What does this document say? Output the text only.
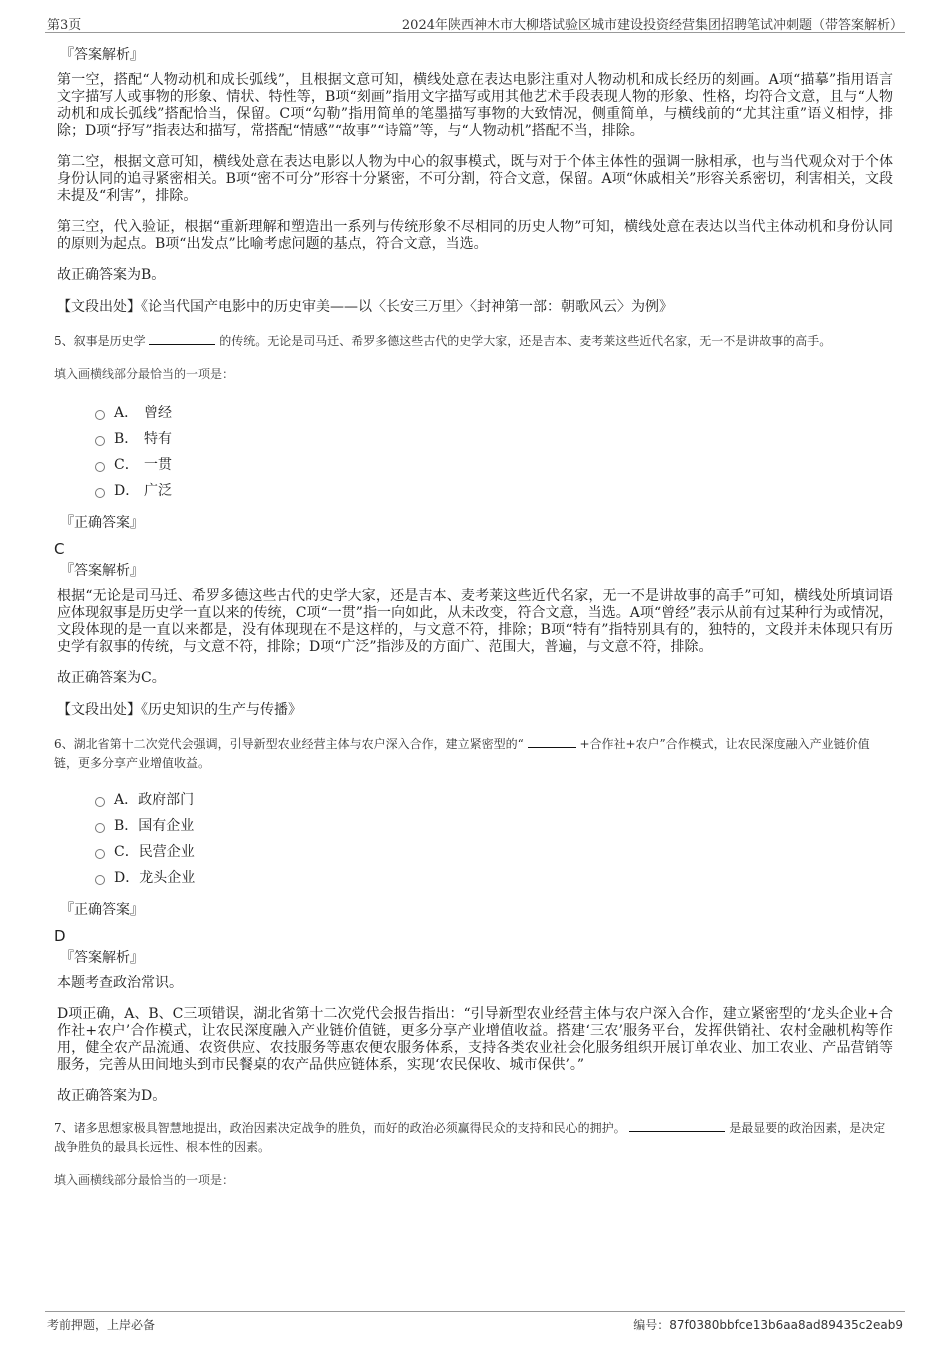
第3页	2024年陕西神木市大柳塔试验区城市建设投资经营集团招聘笔试冲刺题（带答案解析）
『答案解析』
第一空，搭配“人物动机和成长弧线”，且根据文意可知，横线处意在表达电影注重对人物动机和成长经历的刻画。A项“描摹”指用语言文字描写人或事物的形象、情状、特性等，B项“刻画”指用文字描写或用其他艺术手段表现人物的形象、性格，均符合文意，且与“人物动机和成长弧线”搭配恰当，保留。C项“勾勒”指用简单的笔墨描写事物的大致情况，侧重简单，与横线前的“尤其注重”语义相悖，排除；D项“抒写”指表达和描写，常搭配“情感”“故事”“诗篇”等，与“人物动机”搭配不当，排除。
第二空，根据文意可知，横线处意在表达电影以人物为中心的叙事模式，既与对于个体主体性的强调一脉相承，也与当代观众对于个体身份认同的追寻紧密相关。B项“密不可分”形容十分紧密，不可分割，符合文意，保留。A项“休戚相关”形容关系密切，利害相关，文段未提及“利害”，排除。
第三空，代入验证，根据“重新理解和塑造出一系列与传统形象不尽相同的历史人物”可知，横线处意在表达以当代主体动机和身份认同的原则为起点。B项“出发点”比喻考虑问题的基点，符合文意，当选。
故正确答案为B。
【文段出处】《论当代国产电影中的历史审美——以〈长安三万里〉〈封神第一部：朝歌风云〉为例》
5、叙事是历史学	的传统。无论是司马迁、希罗多德这些古代的史学大家，还是吉本、麦考莱这些近代名家，无一不是讲故事的高手。
填入画横线部分最恰当的一项是：
A． 曾经
B． 特有
C． 一贯
D． 广泛
『正确答案』
C
『答案解析』
根据“无论是司马迁、希罗多德这些古代的史学大家，还是吉本、麦考莱这些近代名家，无一不是讲故事的高手”可知，横线处所填词语应体现叙事是历史学一直以来的传统，C项“一贯”指一向如此，从未改变，符合文意，当选。A项“曾经”表示从前有过某种行为或情况，文段体现的是一直以来都是，没有体现现在不是这样的，与文意不符，排除；B项“特有”指特别具有的，独特的，文段并未体现只有历史学有叙事的传统，与文意不符，排除；D项“广泛”指涉及的方面广、范围大，普遍，与文意不符，排除。
故正确答案为C。
【文段出处】《历史知识的生产与传播》
6、湖北省第十二次党代会强调，引导新型农业经营主体与农户深入合作，建立紧密型的“	+合作社+农户”合作模式，让农民深度融入产业链价值链，更多分享产业增值收益。
A．政府部门
B．国有企业
C．民营企业
D．龙头企业
『正确答案』
D
『答案解析』
本题考查政治常识。
D项正确，A、B、C三项错误，湖北省第十二次党代会报告指出：“引导新型农业经营主体与农户深入合作，建立紧密型的‘龙头企业+合作社+农户’合作模式，让农民深度融入产业链价值链，更多分享产业增值收益。搭建‘三农’服务平台，发挥供销社、农村金融机构等作用，健全农产品流通、农资供应、农技服务等惠农便农服务体系，支持各类农业社会化服务组织开展订单农业、加工农业、产品营销等服务，完善从田间地头到市民餐桌的农产品供应链体系，实现‘农民保收、城市保供’。”
故正确答案为D。
7、诸多思想家极具智慧地提出，政治因素决定战争的胜负，而好的政治必须赢得民众的支持和民心的拥护。	是最显要的政治因素，是决定战争胜负的最具长远性、根本性的因素。
填入画横线部分最恰当的一项是：
考前押题，上岸必备	编号：87f0380bbfce13b6aa8ad89435c2eab9
